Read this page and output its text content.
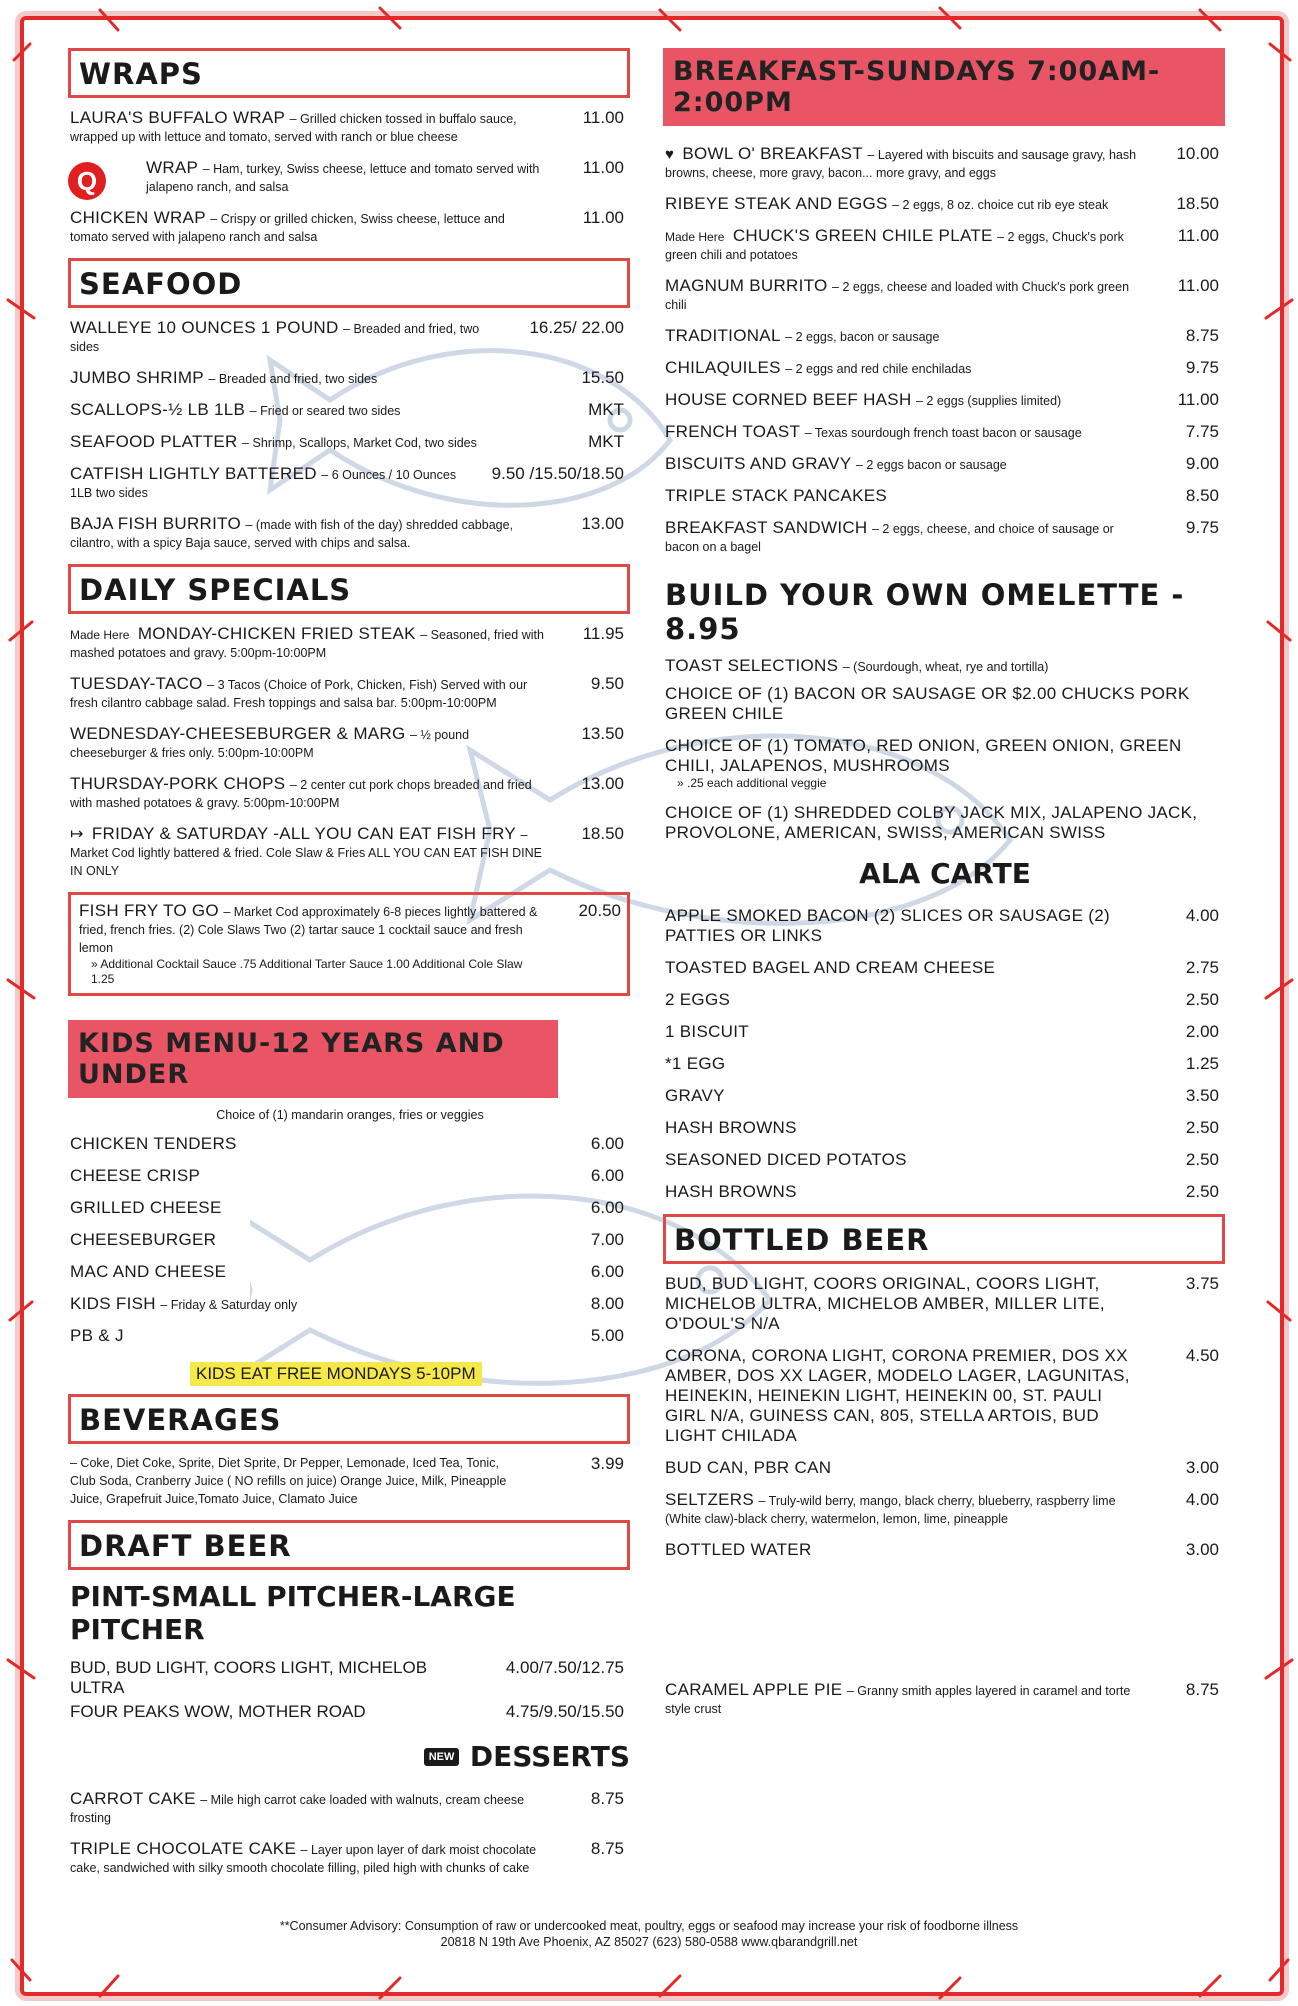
WRAPS
LAURA'S BUFFALO WRAP – Grilled chicken tossed in buffalo sauce, wrapped up with lettuce and tomato, served with ranch or blue cheese
11.00
Q	WRAP – Ham, turkey, Swiss cheese, lettuce and tomato served with jalapeno ranch, and salsa
11.00
CHICKEN WRAP – Crispy or grilled chicken, Swiss cheese, lettuce and tomato served with jalapeno ranch and salsa
11.00
SEAFOOD
WALLEYE 10 OUNCES 1 POUND – Breaded and fried, two sides
16.25/ 22.00
JUMBO SHRIMP – Breaded and fried, two sides	15.50
SCALLOPS-½ LB 1LB – Fried or seared two sides	MKT
SEAFOOD PLATTER – Shrimp, Scallops, Market Cod, two sides	MKT
CATFISH LIGHTLY BATTERED – 6 Ounces / 10 Ounces 1LB two sides
9.50 /15.50/18.50
BAJA FISH BURRITO – (made with fish of the day) shredded cabbage, cilantro, with a spicy Baja sauce, served with chips and salsa.
13.00
DAILY SPECIALS
Made Here MONDAY-CHICKEN FRIED STEAK – Seasoned, fried with mashed potatoes and gravy. 5:00pm-10:00PM
11.95
TUESDAY-TACO – 3 Tacos (Choice of Pork, Chicken, Fish) Served with our fresh cilantro cabbage salad. Fresh toppings and salsa bar. 5:00pm-10:00PM
9.50
WEDNESDAY-CHEESEBURGER & MARG – ½ pound cheeseburger & fries only. 5:00pm-10:00PM
13.50
THURSDAY-PORK CHOPS – 2 center cut pork chops breaded and fried with mashed potatoes & gravy. 5:00pm-10:00PM
13.00
↦ FRIDAY & SATURDAY -ALL YOU CAN EAT FISH FRY – Market Cod lightly battered & fried. Cole Slaw & Fries ALL YOU CAN EAT FISH DINE IN ONLY
18.50
FISH FRY TO GO – Market Cod approximately 6-8 pieces lightly battered & fried, french fries. (2) Cole Slaws Two (2) tartar sauce 1 cocktail sauce and fresh lemon
» Additional Cocktail Sauce .75 Additional Tarter Sauce 1.00 Additional Cole Slaw 1.25
20.50
KIDS MENU-12 YEARS AND UNDER
Choice of (1) mandarin oranges, fries or veggies
CHICKEN TENDERS	6.00
CHEESE CRISP	6.00
GRILLED CHEESE	6.00
CHEESEBURGER	7.00
MAC AND CHEESE	6.00
KIDS FISH – Friday & Saturday only	8.00
PB & J	5.00
KIDS EAT FREE MONDAYS 5-10PM
BEVERAGES
– Coke, Diet Coke, Sprite, Diet Sprite, Dr Pepper, Lemonade, Iced Tea, Tonic, Club Soda, Cranberry Juice ( NO refills on juice) Orange Juice, Milk, Pineapple Juice, Grapefruit Juice,Tomato Juice, Clamato Juice
3.99
DRAFT BEER
PINT-SMALL PITCHER-LARGE PITCHER
BUD, BUD LIGHT, COORS LIGHT, MICHELOB ULTRA
4.00/7.50/12.75
FOUR PEAKS WOW, MOTHER ROAD	4.75/9.50/15.50
NEW DESSERTS
CARROT CAKE – Mile high carrot cake loaded with walnuts, cream cheese frosting
8.75
TRIPLE CHOCOLATE CAKE – Layer upon layer of dark moist chocolate cake, sandwiched with silky smooth chocolate filling, piled high with chunks of cake
8.75
BREAKFAST-SUNDAYS 7:00AM-2:00PM
♥ BOWL O' BREAKFAST – Layered with biscuits and sausage gravy, hash browns, cheese, more gravy, bacon... more gravy, and eggs
10.00
RIBEYE STEAK AND EGGS – 2 eggs, 8 oz. choice cut rib eye steak	18.50
Made Here CHUCK'S GREEN CHILE PLATE – 2 eggs, Chuck's pork green chili and potatoes
11.00
MAGNUM BURRITO – 2 eggs, cheese and loaded with Chuck's pork green chili
11.00
TRADITIONAL – 2 eggs, bacon or sausage	8.75
CHILAQUILES – 2 eggs and red chile enchiladas	9.75
HOUSE CORNED BEEF HASH – 2 eggs (supplies limited)	11.00
FRENCH TOAST – Texas sourdough french toast bacon or sausage	7.75
BISCUITS AND GRAVY – 2 eggs bacon or sausage	9.00
TRIPLE STACK PANCAKES	8.50
BREAKFAST SANDWICH – 2 eggs, cheese, and choice of sausage or bacon on a bagel
9.75
BUILD YOUR OWN OMELETTE - 8.95
TOAST SELECTIONS – (Sourdough, wheat, rye and tortilla)
CHOICE OF (1) BACON OR SAUSAGE OR $2.00 CHUCKS PORK GREEN CHILE
CHOICE OF (1) TOMATO, RED ONION, GREEN ONION, GREEN CHILI, JALAPENOS, MUSHROOMS
» .25 each additional veggie
CHOICE OF (1) SHREDDED COLBY JACK MIX, JALAPENO JACK, PROVOLONE, AMERICAN, SWISS, AMERICAN SWISS
ALA CARTE
APPLE SMOKED BACON (2) SLICES OR SAUSAGE (2) PATTIES OR LINKS
4.00
TOASTED BAGEL AND CREAM CHEESE	2.75
2 EGGS	2.50
1 BISCUIT	2.00
*1 EGG	1.25
GRAVY	3.50
HASH BROWNS	2.50
SEASONED DICED POTATOS	2.50
HASH BROWNS	2.50
BOTTLED BEER
BUD, BUD LIGHT, COORS ORIGINAL, COORS LIGHT, MICHELOB ULTRA, MICHELOB AMBER, MILLER LITE, O'DOUL'S N/A
3.75
CORONA, CORONA LIGHT, CORONA PREMIER, DOS XX AMBER, DOS XX LAGER, MODELO LAGER, LAGUNITAS, HEINEKIN, HEINEKIN LIGHT, HEINEKIN 00, ST. PAULI GIRL N/A, GUINESS CAN, 805, STELLA ARTOIS, BUD LIGHT CHILADA
4.50
BUD CAN, PBR CAN	3.00
SELTZERS – Truly-wild berry, mango, black cherry, blueberry, raspberry lime (White claw)-black cherry, watermelon, lemon, lime, pineapple
4.00
BOTTLED WATER	3.00
CARAMEL APPLE PIE – Granny smith apples layered in caramel and torte style crust
8.75
**Consumer Advisory: Consumption of raw or undercooked meat, poultry, eggs or seafood may increase your risk of foodborne illness
20818 N 19th Ave Phoenix, AZ 85027 (623) 580-0588 www.qbarandgrill.net
